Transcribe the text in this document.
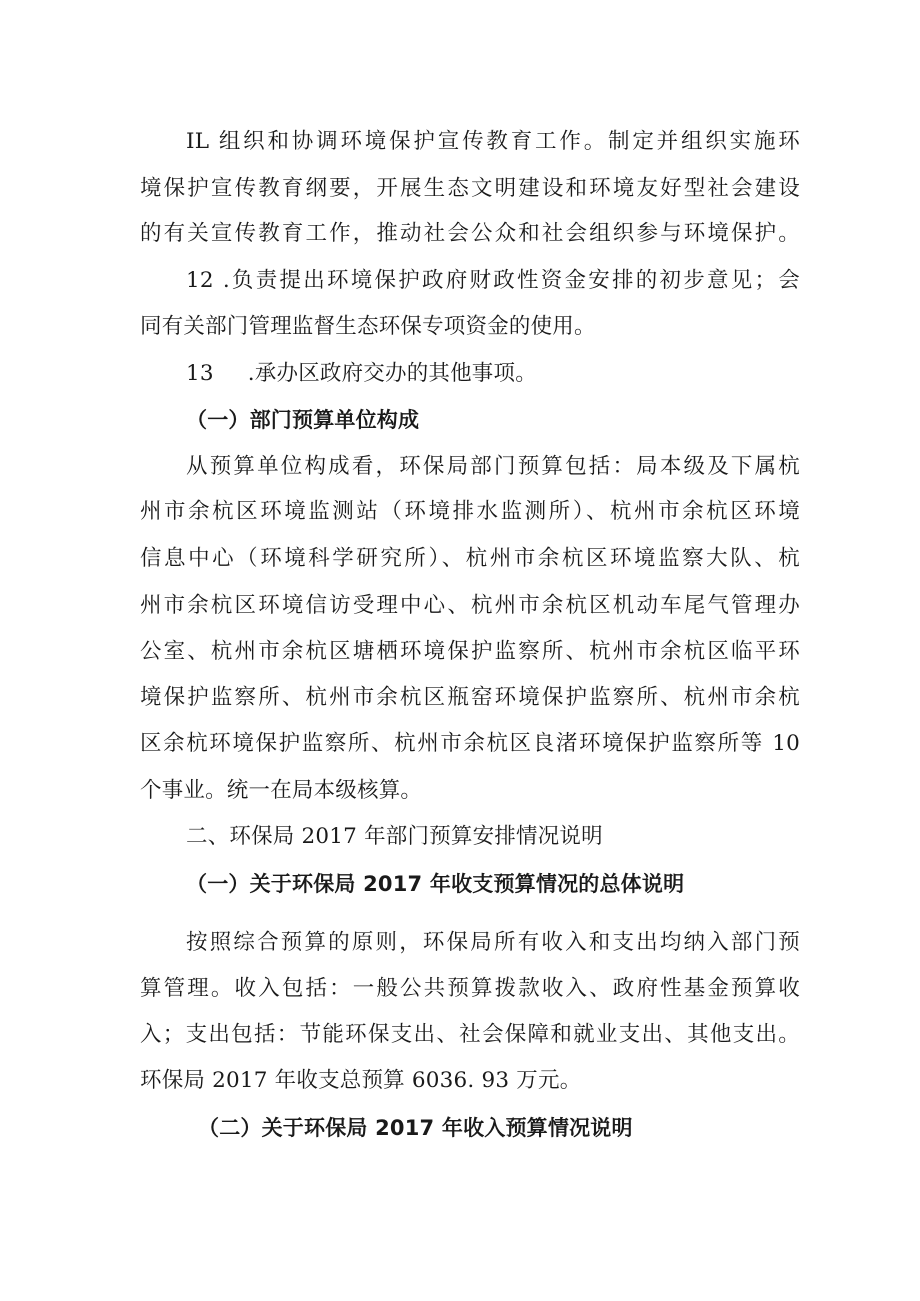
IL 组织和协调环境保护宣传教育工作。制定并组织实施环
境保护宣传教育纲要，开展生态文明建设和环境友好型社会建设
的有关宣传教育工作，推动社会公众和社会组织参与环境保护。
12 .负责提出环境保护政府财政性资金安排的初步意见；会
同有关部门管理监督生态环保专项资金的使用。
13 .承办区政府交办的其他事项。
（一）部门预算单位构成
从预算单位构成看，环保局部门预算包括：局本级及下属杭
州市余杭区环境监测站（环境排水监测所）、杭州市余杭区环境
信息中心（环境科学研究所）、杭州市余杭区环境监察大队、杭
州市余杭区环境信访受理中心、杭州市余杭区机动车尾气管理办
公室、杭州市余杭区塘栖环境保护监察所、杭州市余杭区临平环
境保护监察所、杭州市余杭区瓶窑环境保护监察所、杭州市余杭
区余杭环境保护监察所、杭州市余杭区良渚环境保护监察所等 10
个事业。统一在局本级核算。
二、环保局 2017 年部门预算安排情况说明
（一）关于环保局 2017 年收支预算情况的总体说明
按照综合预算的原则，环保局所有收入和支出均纳入部门预
算管理。收入包括：一般公共预算拨款收入、政府性基金预算收
入；支出包括：节能环保支出、社会保障和就业支出、其他支出。
环保局 2017 年收支总预算 6036. 93 万元。
（二）关于环保局 2017 年收入预算情况说明
